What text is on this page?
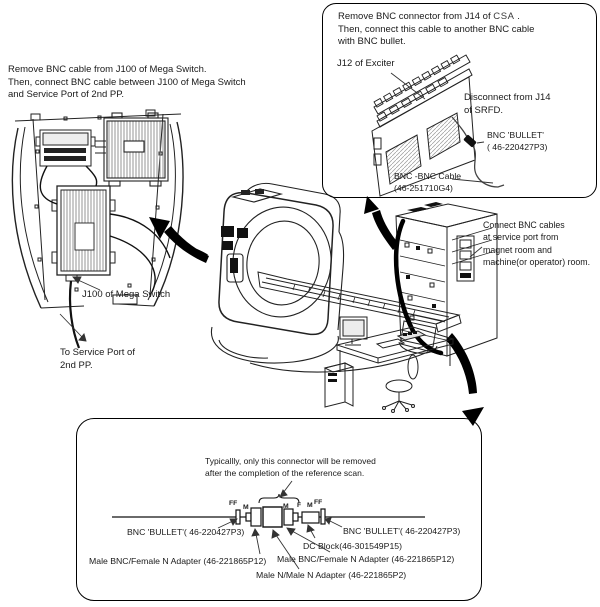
Remove BNC cable from J100 of Mega Switch.
Then, connect BNC cable between J100 of Mega Switch
and Service Port of 2nd PP.
Remove BNC connector from J14 of CSA .
Then, connect this cable to another BNC cable
with BNC bullet.
J12 of Exciter
Disconnect from J14
of SRFD.
BNC 'BULLET'
( 46-220427P3)
BNC -BNC Cable
(46-251710G4)
Connect BNC cables
at service port from
magnet room and
machine(or operator) room.
J100 of Mega Switch
To Service Port of
2nd PP.
Typicallly, only this connector will be removed
after the completion of the reference scan.
FF
M	M F M FF
BNC 'BULLET'( 46-220427P3)	BNC 'BULLET'( 46-220427P3)
DC Block(46-301549P15)
Male BNC/Female N Adapter (46-221865P12) Male BNC/Female N Adapter (46-221865P12)
Male N/Male N Adapter (46-221865P2)
